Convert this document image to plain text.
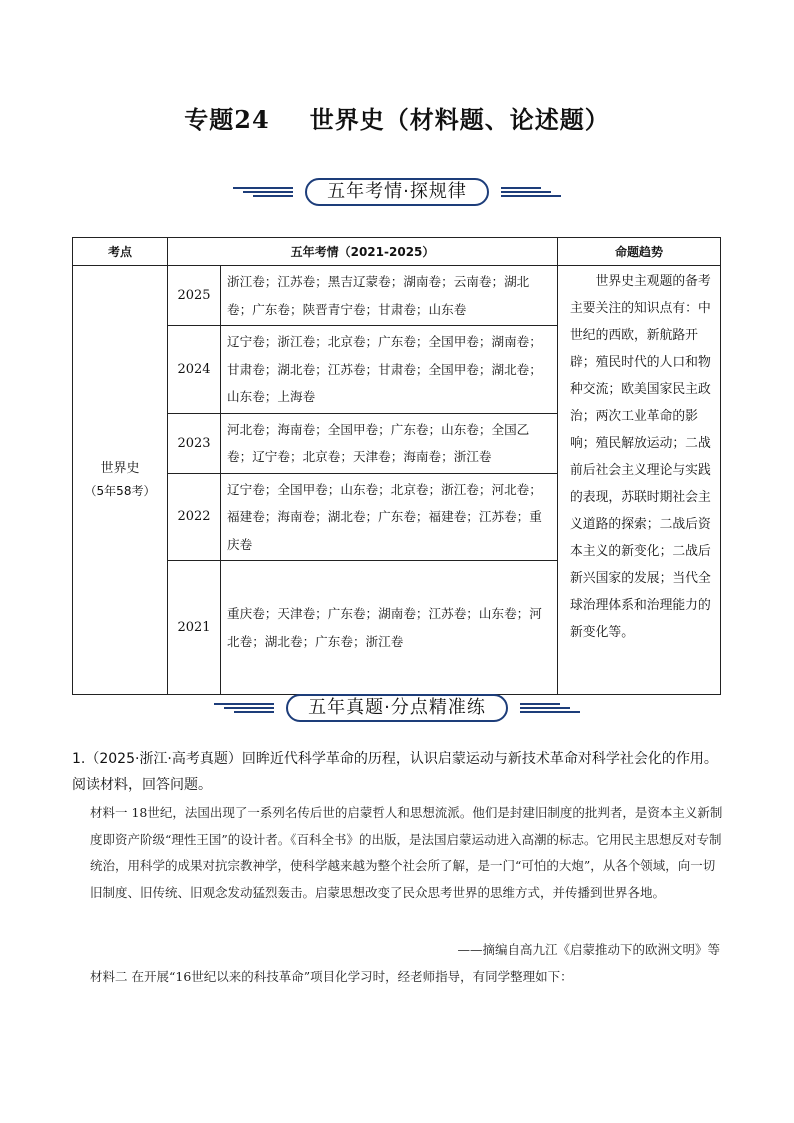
专题24 世界史（材料题、论述题）
五年考情·探规律
考点	五年考情（2021-2025）		命题趋势

世界史
（5年58考）	2025	浙江卷；江苏卷；黑吉辽蒙卷；湖南卷；云南卷；湖北卷；广东卷；陕晋青宁卷；甘肃卷；山东卷	世界史主观题的备考主要关注的知识点有：中世纪的西欧，新航路开辟；殖民时代的人口和物种交流；欧美国家民主政治；两次工业革命的影响；殖民解放运动；二战前后社会主义理论与实践的表现，苏联时期社会主义道路的探索；二战后资本主义的新变化；二战后新兴国家的发展；当代全球治理体系和治理能力的新变化等。
	2024	辽宁卷；浙江卷；北京卷；广东卷；全国甲卷；湖南卷；甘肃卷；湖北卷；江苏卷；甘肃卷；全国甲卷；湖北卷；山东卷；上海卷	
	2023	河北卷；海南卷；全国甲卷；广东卷；山东卷；全国乙卷；辽宁卷；北京卷；天津卷；海南卷；浙江卷	
	2022	辽宁卷；全国甲卷；山东卷；北京卷；浙江卷；河北卷；福建卷；海南卷；湖北卷；广东卷；福建卷；江苏卷；重庆卷	
	2021	重庆卷；天津卷；广东卷；湖南卷；江苏卷；山东卷；河北卷；湖北卷；广东卷；浙江卷	
五年真题·分点精准练
1.（2025·浙江·高考真题）回眸近代科学革命的历程，认识启蒙运动与新技术革命对科学社会化的作用。阅读材料，回答问题。
材料一 18世纪，法国出现了一系列名传后世的启蒙哲人和思想流派。他们是封建旧制度的批判者，是资本主义新制度即资产阶级“理性王国”的设计者。《百科全书》的出版，是法国启蒙运动进入高潮的标志。它用民主思想反对专制统治，用科学的成果对抗宗教神学，使科学越来越为整个社会所了解，是一门“可怕的大炮”，从各个领域，向一切旧制度、旧传统、旧观念发动猛烈轰击。启蒙思想改变了民众思考世界的思维方式，并传播到世界各地。
——摘编自高九江《启蒙推动下的欧洲文明》等
材料二 在开展“16世纪以来的科技革命”项目化学习时，经老师指导，有同学整理如下：
